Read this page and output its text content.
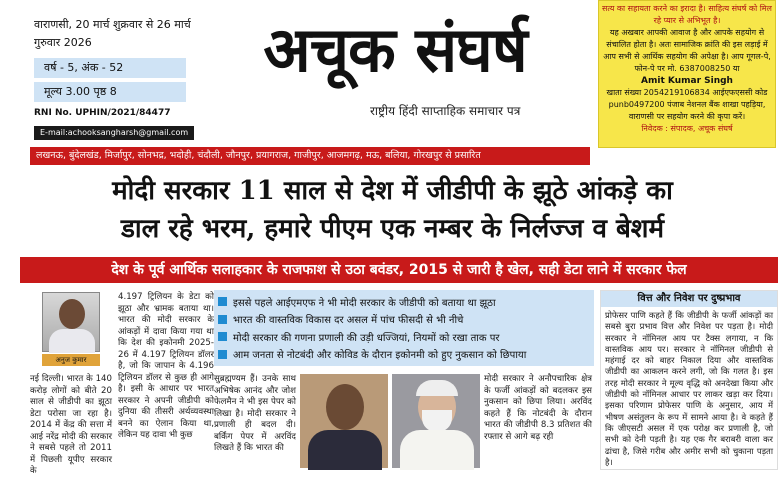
वाराणसी, 20 मार्च शुक्रवार से 26 मार्च गुरुवार 2026
वर्ष - 5, अंक - 52
मूल्य 3.00 पृष्ठ 8
RNI No. UPHIN/2021/84477
E-mail:achooksangharsh@gmail.com
अचूक संघर्ष
राष्ट्रीय हिंदी साप्ताहिक समाचार पत्र
सत्य का सहायता करने का इरादा है। साहित्य संघर्ष को मिल रहे प्यार से अभिभूत है।
यह अखबार आपकी आवाज है और आपके सहयोग से संचालित होता है। अतः सामाजिक क्रांति की इस लड़ाई में आप सभी से आर्थिक सहयोग की अपेक्षा है। आप गूगल-पे, फोन-पे पर मो. 6387008250 या
Amit Kumar Singh
खाता संख्या 2054219106834 आईएफएससी कोड punb0497200 पंजाब नेशनल बैंक शाखा पहड़िया, वाराणसी पर सहयोग करने की कृपा करें।
निवेदक : संपादक, अचूक संघर्ष
लखनऊ, बुंदेलखंड, मिर्जापुर, सोनभद्र, भदोही, चंदौली, जौनपुर, प्रयागराज, गाजीपुर, आजमगढ़, मऊ, बलिया, गोरखपुर से प्रसारित
मोदी सरकार 11 साल से देश में जीडीपी के झूठे आंकड़े का
डाल रहे भरम, हमारे पीएम एक नम्बर के निर्लज्ज व बेशर्म
देश के पूर्व आर्थिक सलाहकार के राजफाश से उठा बवंडर, 2015 से जारी है खेल, सही डेटा लाने में सरकार फेल
अनुज कुमार
नई दिल्ली। भारत के 140 करोड़ लोगों को बीते 20 साल से जीडीपी का झूठा डेटा परोसा जा रहा है। 2014 में केंद्र की सत्ता में आई नरेंद्र मोदी की सरकार ने सबसे पहले तो 2011 में पिछली यूपीए सरकार के
4.197 ट्रिलियन के डेटा को झूठा और भ्रामक बताया था। भारत की मोदी सरकार के आंकड़ों में दावा किया गया था कि देश की इकोनमी 2025-26 में 4.197 ट्रिलियन डॉलर है, जो कि जापान के 4.196 ट्रिलियन डॉलर से कुछ ही आगे है। इसी के आधार पर भारत सरकार ने अपनी जीडीपी को दुनिया की तीसरी अर्थव्यवस्था बनने का ऐलान किया था, लेकिन यह दावा भी कुछ
इससे पहले आईएमएफ ने भी मोदी सरकार के जीडीपी को बताया था झूठा
भारत की वास्तविक विकास दर असल में पांच फीसदी से भी नीचे
मोदी सरकार की गणना प्रणाली की उड़ी धज्जियां, नियमों को रखा ताक पर
आम जनता से नोटबंदी और कोविड के दौरान इकोनमी को हुए नुकसान को छिपाया
सुब्रह्मण्यम हैं। उनके साथ अभिषेक आनंद और जोश फेलमैन ने भी इस पेपर को लिखा है। मोदी सरकार ने प्रणाली ही बदल दी। बर्किंग पेपर में अरविंद लिखते हैं कि भारत की
मोदी सरकार ने अनौपचारिक क्षेत्र के फर्जी आंकड़ों को बदलकर इस नुकसान को छिपा लिया। अरविंद कहते हैं कि नोटबंदी के दौरान भारत की जीडीपी 8.3 प्रतिशत की रफ्तार से आगे बढ़ रही
वित्त और निवेश पर दुष्प्रभाव
प्रोफेसर पाणि कहते हैं कि जीडीपी के फर्जी आंकड़ों का सबसे बुरा प्रभाव वित्त और निवेश पर पड़ता है। मोदी सरकार ने नॉमिनल आय पर टैक्स लगाया, न कि वास्तविक आय पर। सरकार ने नॉमिनल जीडीपी से महंगाई दर को बाहर निकाल दिया और वास्तविक जीडीपी का आकलन करने लगी, जो कि गलत है। इस तरह मोदी सरकार ने मूल्य वृद्धि को अनदेखा किया और जीडीपी को नॉमिनल आधार पर लाकर खड़ा कर दिया। इसका परिणाम प्रोफेसर पाणि के अनुसार, आय में भीषण असंतुलन के रूप में सामने आया है। वे कहते हैं कि जीएसटी असल में एक परोक्ष कर प्रणाली है, जो सभी को देनी पड़ती है। यह एक गैर बराबरी वाला कर ढांचा है, जिसे गरीब और अमीर सभी को चुकाना पड़ता है।
